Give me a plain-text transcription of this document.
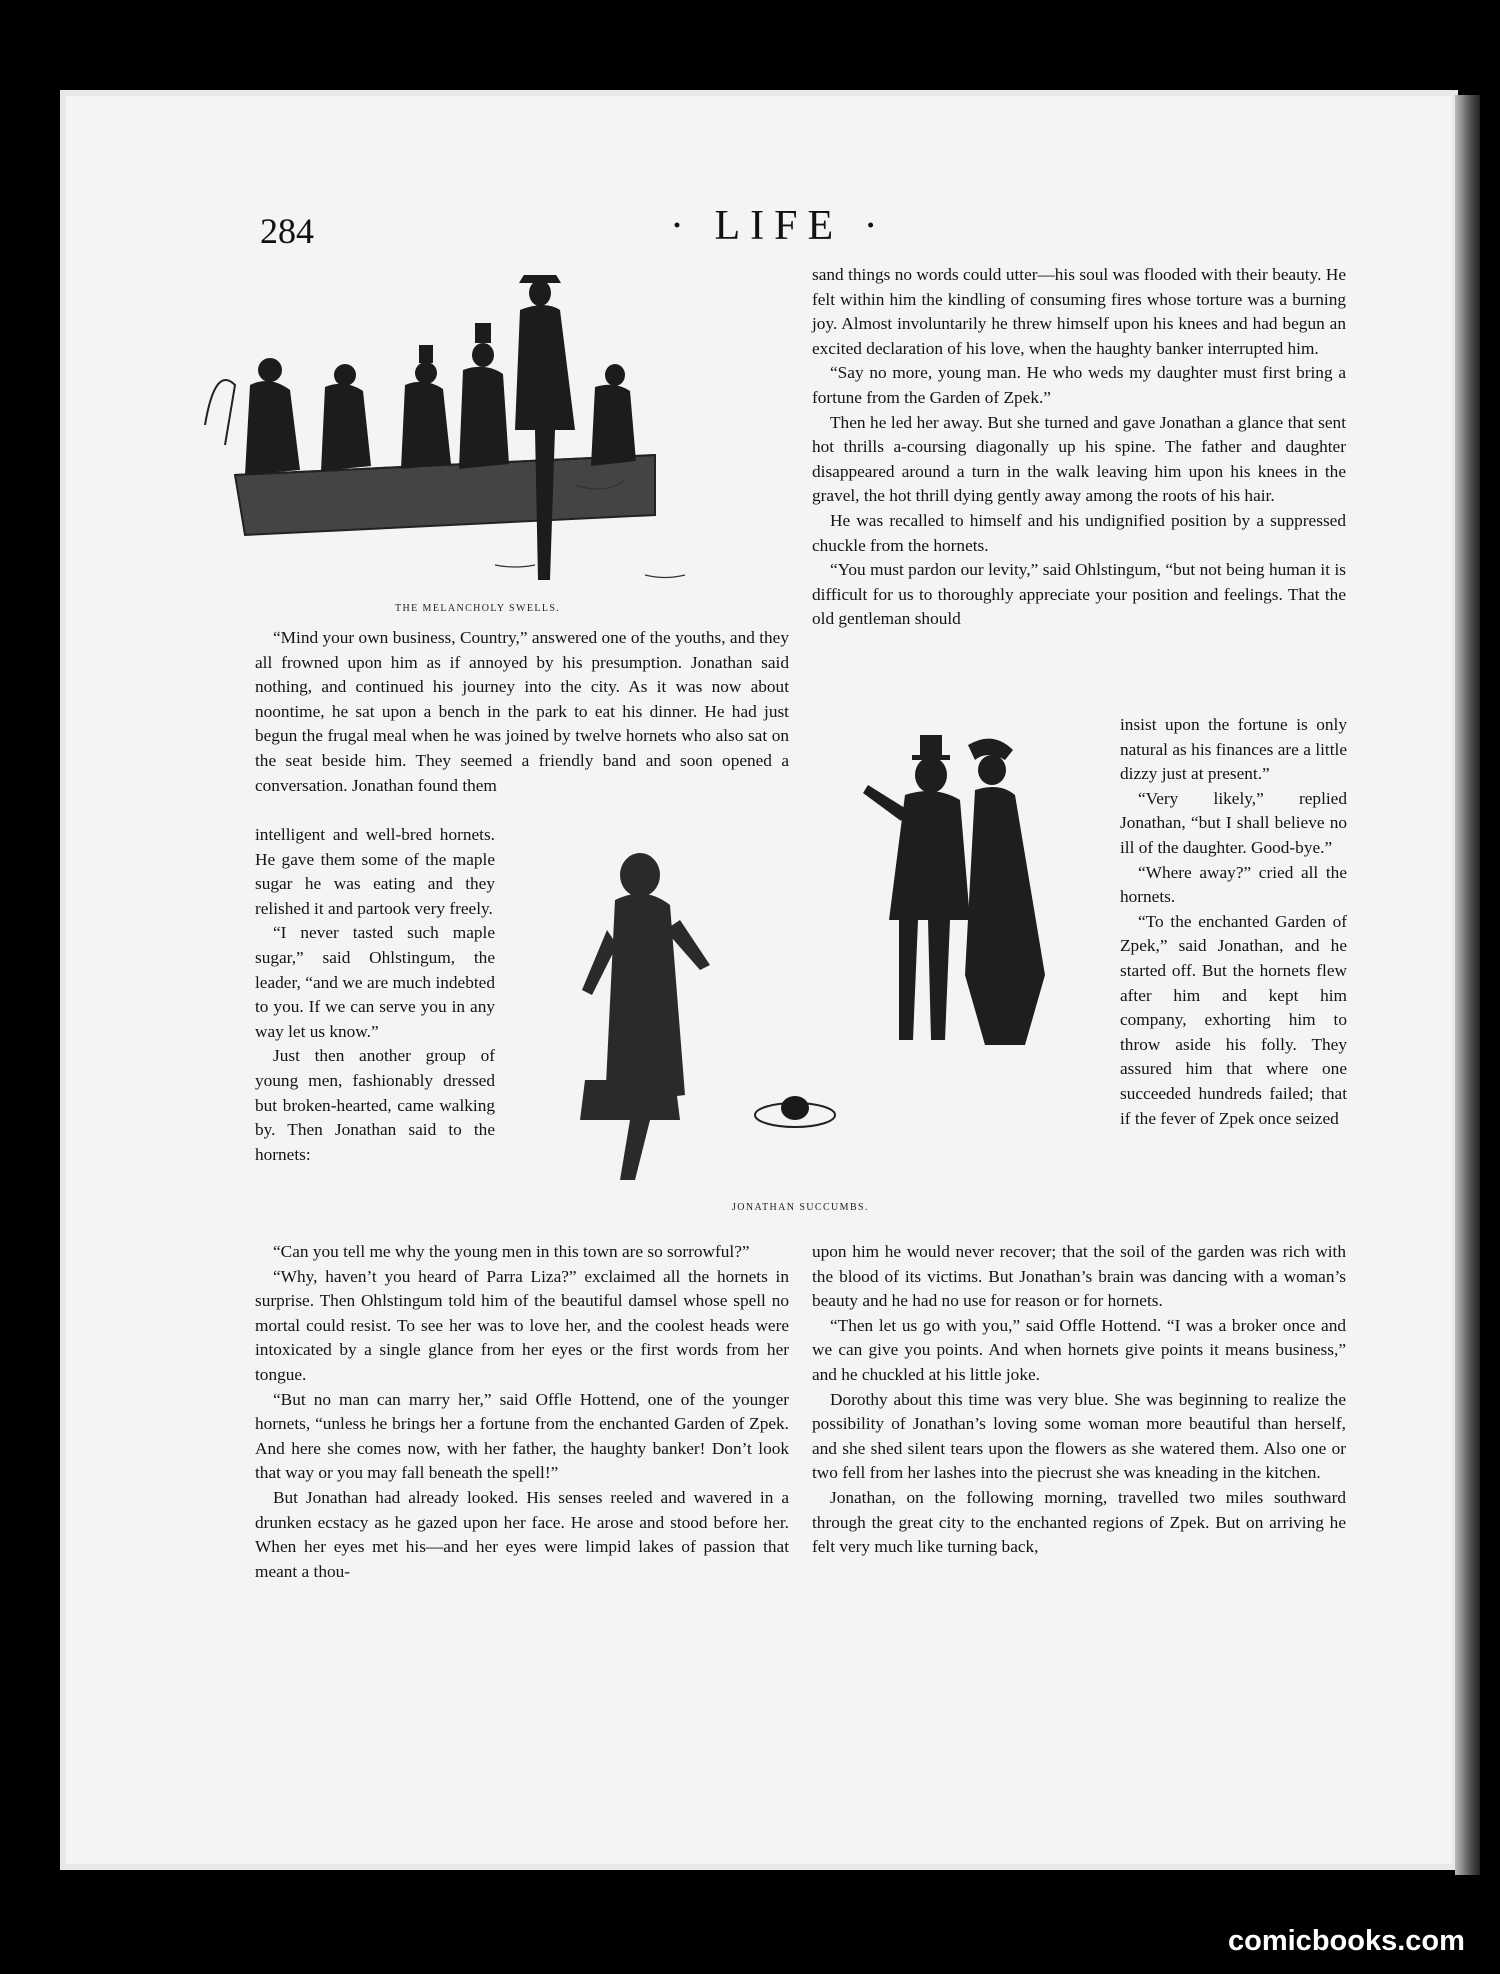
284	· LIFE ·
THE MELANCHOLY SWELLS.

sand things no words could utter—his soul was flooded with their beauty. He felt within him the kindling of consuming fires whose torture was a burning joy. Almost involuntarily he threw himself upon his knees and had begun an excited declaration of his love, when the haughty banker interrupted him.

“Say no more, young man. He who weds my daughter must first bring a fortune from the Garden of Zpek.”

Then he led her away. But she turned and gave Jonathan a glance that sent hot thrills a-coursing diagonally up his spine. The father and daughter disappeared around a turn in the walk leaving him upon his knees in the gravel, the hot thrill dying gently away among the roots of his hair.

He was recalled to himself and his undignified position by a suppressed chuckle from the hornets.

“You must pardon our levity,” said Ohlstingum, “but not being human it is difficult for us to thoroughly appreciate your position and feelings. That the old gentleman should

“Mind your own business, Country,” answered one of the youths, and they all frowned upon him as if annoyed by his presumption. Jonathan said nothing, and continued his journey into the city. As it was now about noontime, he sat upon a bench in the park to eat his dinner. He had just begun the frugal meal when he was joined by twelve hornets who also sat on the seat beside him. They seemed a friendly band and soon opened a conversation. Jonathan found them

intelligent and well-bred hornets. He gave them some of the maple sugar he was eating and they relished it and partook very freely.

“I never tasted such maple sugar,” said Ohlstingum, the leader, “and we are much indebted to you. If we can serve you in any way let us know.”

Just then another group of young men, fashionably dressed but broken-hearted, came walking by. Then Jonathan said to the hornets:

JONATHAN SUCCUMBS.

insist upon the fortune is only natural as his finances are a little dizzy just at present.”

“Very likely,” replied Jonathan, “but I shall believe no ill of the daughter. Good-bye.”

“Where away?” cried all the hornets.

“To the enchanted Garden of Zpek,” said Jonathan, and he started off. But the hornets flew after him and kept him company, exhorting him to throw aside his folly. They assured him that where one succeeded hundreds failed; that if the fever of Zpek once seized

“Can you tell me why the young men in this town are so sorrowful?”

“Why, haven’t you heard of Parra Liza?” exclaimed all the hornets in surprise. Then Ohlstingum told him of the beautiful damsel whose spell no mortal could resist. To see her was to love her, and the coolest heads were intoxicated by a single glance from her eyes or the first words from her tongue.

“But no man can marry her,” said Offle Hottend, one of the younger hornets, “unless he brings her a fortune from the enchanted Garden of Zpek. And here she comes now, with her father, the haughty banker! Don’t look that way or you may fall beneath the spell!”

But Jonathan had already looked. His senses reeled and wavered in a drunken ecstacy as he gazed upon her face. He arose and stood before her. When her eyes met his—and her eyes were limpid lakes of passion that meant a thou-

upon him he would never recover; that the soil of the garden was rich with the blood of its victims. But Jonathan’s brain was dancing with a woman’s beauty and he had no use for reason or for hornets.

“Then let us go with you,” said Offle Hottend. “I was a broker once and we can give you points. And when hornets give points it means business,” and he chuckled at his little joke.

Dorothy about this time was very blue. She was beginning to realize the possibility of Jonathan’s loving some woman more beautiful than herself, and she shed silent tears upon the flowers as she watered them. Also one or two fell from her lashes into the piecrust she was kneading in the kitchen.

Jonathan, on the following morning, travelled two miles southward through the great city to the enchanted regions of Zpek. But on arriving he felt very much like turning back,

comicbooks.com
